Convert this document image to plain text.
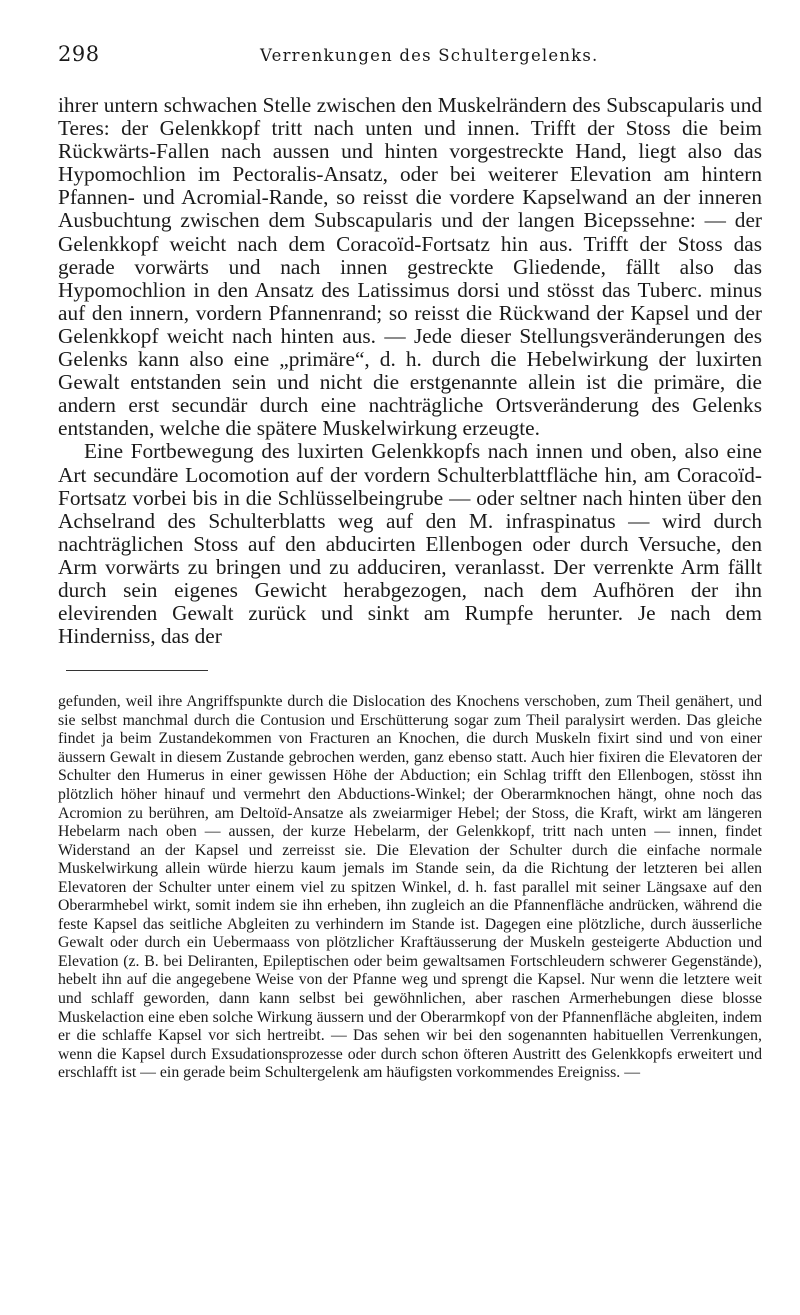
298	Verrenkungen des Schultergelenks.

ihrer untern schwachen Stelle zwischen den Muskelrändern des Subscapularis und Teres: der Gelenkkopf tritt nach unten und innen. Trifft der Stoss die beim Rückwärts-Fallen nach aussen und hinten vorgestreckte Hand, liegt also das Hypomochlion im Pectoralis-Ansatz, oder bei weiterer Elevation am hintern Pfannen- und Acromial-Rande, so reisst die vordere Kapselwand an der inneren Ausbuchtung zwischen dem Subscapularis und der langen Bicepssehne: — der Gelenkkopf weicht nach dem Coracoïd-Fortsatz hin aus. Trifft der Stoss das gerade vorwärts und nach innen gestreckte Gliedende, fällt also das Hypomochlion in den Ansatz des Latissimus dorsi und stösst das Tuberc. minus auf den innern, vordern Pfannenrand; so reisst die Rückwand der Kapsel und der Gelenkkopf weicht nach hinten aus. — Jede dieser Stellungsveränderungen des Gelenks kann also eine „primäre“, d. h. durch die Hebelwirkung der luxirten Gewalt entstanden sein und nicht die erstgenannte allein ist die primäre, die andern erst secundär durch eine nachträgliche Ortsveränderung des Gelenks entstanden, welche die spätere Muskelwirkung erzeugte.

Eine Fortbewegung des luxirten Gelenkkopfs nach innen und oben, also eine Art secundäre Locomotion auf der vordern Schulterblattfläche hin, am Coracoïd-Fortsatz vorbei bis in die Schlüsselbeingrube — oder seltner nach hinten über den Achselrand des Schulterblatts weg auf den M. infraspinatus — wird durch nachträglichen Stoss auf den abducirten Ellenbogen oder durch Versuche, den Arm vorwärts zu bringen und zu adduciren, veranlasst. Der verrenkte Arm fällt durch sein eigenes Gewicht herabgezogen, nach dem Aufhören der ihn elevirenden Gewalt zurück und sinkt am Rumpfe herunter. Je nach dem Hinderniss, das der

gefunden, weil ihre Angriffspunkte durch die Dislocation des Knochens verschoben, zum Theil genähert, und sie selbst manchmal durch die Contusion und Erschütterung sogar zum Theil paralysirt werden. Das gleiche findet ja beim Zustandekommen von Fracturen an Knochen, die durch Muskeln fixirt sind und von einer äussern Gewalt in diesem Zustande gebrochen werden, ganz ebenso statt. Auch hier fixiren die Elevatoren der Schulter den Humerus in einer gewissen Höhe der Abduction; ein Schlag trifft den Ellenbogen, stösst ihn plötzlich höher hinauf und vermehrt den Abductions-Winkel; der Oberarmknochen hängt, ohne noch das Acromion zu berühren, am Deltoïd-Ansatze als zweiarmiger Hebel; der Stoss, die Kraft, wirkt am längeren Hebelarm nach oben — aussen, der kurze Hebelarm, der Gelenkkopf, tritt nach unten — innen, findet Widerstand an der Kapsel und zerreisst sie. Die Elevation der Schulter durch die einfache normale Muskelwirkung allein würde hierzu kaum jemals im Stande sein, da die Richtung der letzteren bei allen Elevatoren der Schulter unter einem viel zu spitzen Winkel, d. h. fast parallel mit seiner Längsaxe auf den Oberarmhebel wirkt, somit indem sie ihn erheben, ihn zugleich an die Pfannenfläche andrücken, während die feste Kapsel das seitliche Abgleiten zu verhindern im Stande ist. Dagegen eine plötzliche, durch äusserliche Gewalt oder durch ein Uebermaass von plötzlicher Kraftäusserung der Muskeln gesteigerte Abduction und Elevation (z. B. bei Deliranten, Epileptischen oder beim gewaltsamen Fortschleudern schwerer Gegenstände), hebelt ihn auf die angegebene Weise von der Pfanne weg und sprengt die Kapsel. Nur wenn die letztere weit und schlaff geworden, dann kann selbst bei gewöhnlichen, aber raschen Armerhebungen diese blosse Muskelaction eine eben solche Wirkung äussern und der Oberarmkopf von der Pfannenfläche abgleiten, indem er die schlaffe Kapsel vor sich hertreibt. — Das sehen wir bei den sogenannten habituellen Verrenkungen, wenn die Kapsel durch Exsudationsprozesse oder durch schon öfteren Austritt des Gelenkkopfs erweitert und erschlafft ist — ein gerade beim Schultergelenk am häufigsten vorkommendes Ereigniss. —
